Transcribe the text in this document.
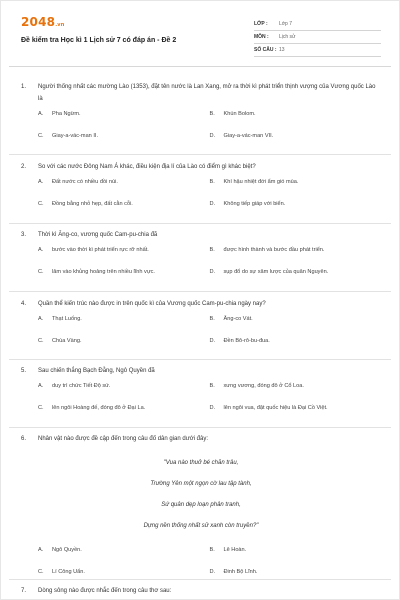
2048.vn
Đề kiểm tra Học kì 1 Lịch sử 7 có đáp án - Đề 2
LỚP :	Lớp 7
MÔN :	Lịch sử
SỐ CÂU : 13
1.	Người thống nhất các mường Lào (1353), đặt tên nước là Lan Xang, mở ra thời kì phát triển thịnh vượng của Vương quốc Lào là
A.	Pha Ngừm.	B.	Khún Bolom.
C.	Giay-a-vác-man II.	D.	Giay-a-vác-man VII.
2.	So với các nước Đông Nam Á khác, điều kiện địa lí của Lào có điểm gì khác biệt?
A.	Đất nước có nhiều đồi núi.	B.	Khí hậu nhiệt đới ẩm gió mùa.
C.	Đồng bằng nhỏ hẹp, đất cằn cỗi.	D.	Không tiếp giáp với biển.
3.	Thời kì Ăng-co, vương quốc Cam-pu-chia đã
A.	bước vào thời kì phát triển rực rỡ nhất.	B.	được hình thành và bước đầu phát triển.
C.	lâm vào khủng hoảng trên nhiều lĩnh vực.	D.	sụp đổ do sự xâm lược của quân Nguyên.
4.	Quần thể kiến trúc nào được in trên quốc kì của Vương quốc Cam-pu-chia ngày nay?
A.	Thạt Luống.	B.	Ăng-co Vát.
C.	Chùa Vàng.	D.	Đền Bô-rô-bu-đua.
5.	Sau chiến thắng Bạch Đằng, Ngô Quyền đã
A.	duy trì chức Tiết Độ sứ.	B.	xưng vương, đóng đô ở Cổ Loa.
C.	lên ngôi Hoàng đế, đóng đô ở Đại La.	D.	lên ngôi vua, đặt quốc hiệu là Đại Cồ Việt.
6.	Nhân vật nào được đề cập đến trong câu đố dân gian dưới đây:
"Vua nào thuở bé chăn trâu,
Trường Yên một ngọn cờ lau tập tành,
Sứ quân dẹp loạn phân tranh,
Dựng nền thống nhất sử xanh còn truyền?"
A.	Ngô Quyền.	B.	Lê Hoàn.
C.	Lí Công Uẩn.	D.	Đinh Bộ Lĩnh.
7.	Dòng sông nào được nhắc đến trong câu thơ sau:
